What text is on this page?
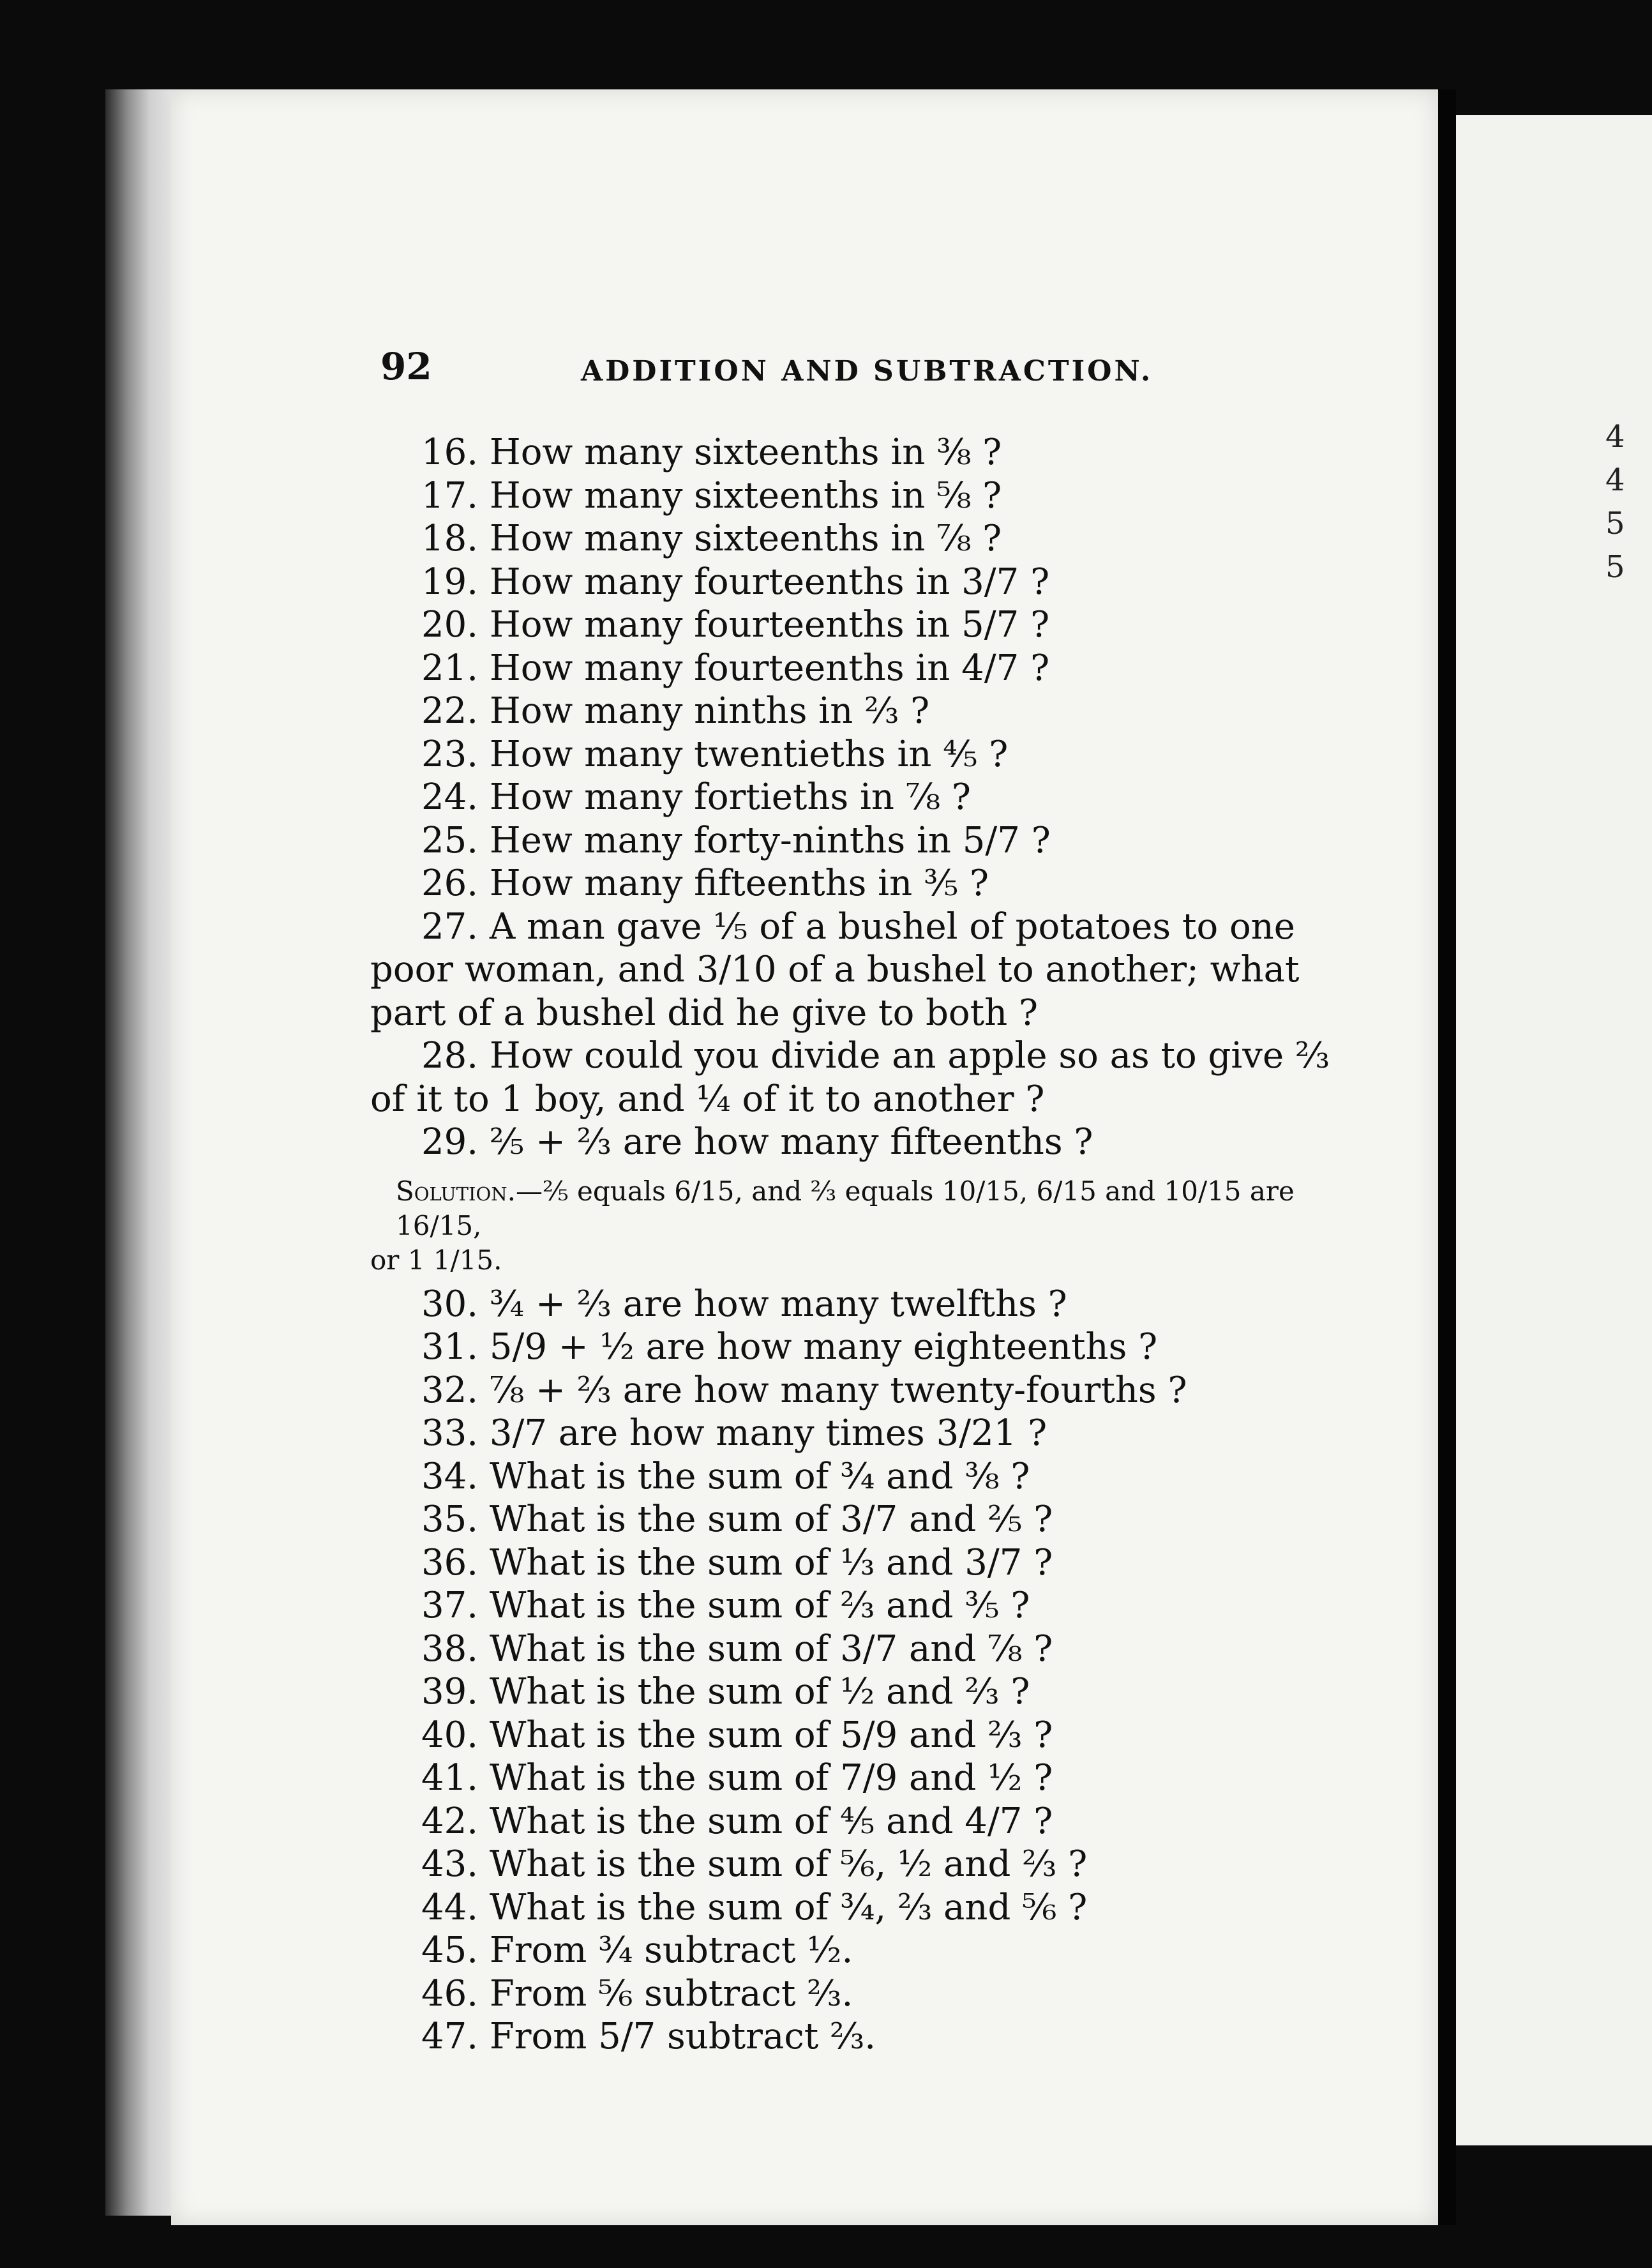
92	ADDITION AND SUBTRACTION.
16. How many sixteenths in ⅜ ?
17. How many sixteenths in ⅝ ?
18. How many sixteenths in ⅞ ?
19. How many fourteenths in 3/7 ?
20. How many fourteenths in 5/7 ?
21. How many fourteenths in 4/7 ?
22. How many ninths in ⅔ ?
23. How many twentieths in ⅘ ?
24. How many fortieths in ⅞ ?
25. Hew many forty-ninths in 5/7 ?
26. How many fifteenths in ⅗ ?
27. A man gave ⅕ of a bushel of potatoes to one
poor woman, and 3/10 of a bushel to another; what
part of a bushel did he give to both ?
28. How could you divide an apple so as to give ⅔
of it to 1 boy, and ¼ of it to another ?
29. ⅖ + ⅔ are how many fifteenths ?
Solution.—⅖ equals 6/15, and ⅔ equals 10/15, 6/15 and 10/15 are 16/15,
or 1 1/15.
30. ¾ + ⅔ are how many twelfths ?
31. 5/9 + ½ are how many eighteenths ?
32. ⅞ + ⅔ are how many twenty-fourths ?
33. 3/7 are how many times 3/21 ?
34. What is the sum of ¾ and ⅜ ?
35. What is the sum of 3/7 and ⅖ ?
36. What is the sum of ⅓ and 3/7 ?
37. What is the sum of ⅔ and ⅗ ?
38. What is the sum of 3/7 and ⅞ ?
39. What is the sum of ½ and ⅔ ?
40. What is the sum of 5/9 and ⅔ ?
41. What is the sum of 7/9 and ½ ?
42. What is the sum of ⅘ and 4/7 ?
43. What is the sum of ⅚, ½ and ⅔ ?
44. What is the sum of ¾, ⅔ and ⅚ ?
45. From ¾ subtract ½.
46. From ⅚ subtract ⅔.
47. From 5/7 subtract ⅔.
4
4
5
5
